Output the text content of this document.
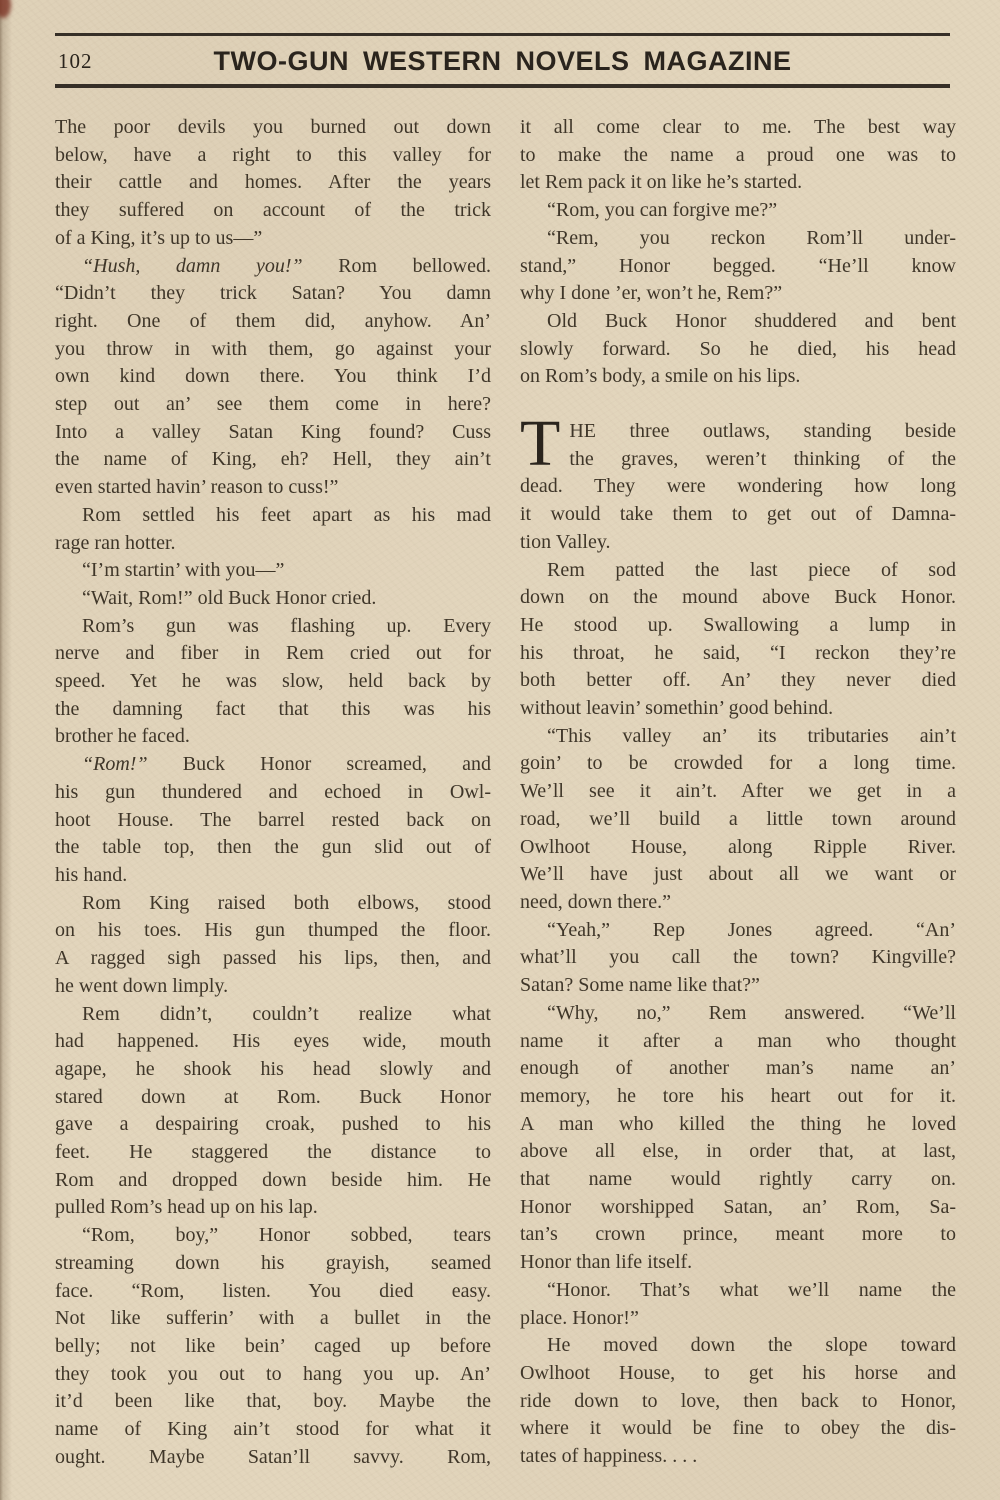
102	TWO-GUN WESTERN NOVELS MAGAZINE
The poor devils you burned out down
below, have a right to this valley for
their cattle and homes. After the years
they suffered on account of the trick
of a King, it’s up to us—”
“Hush, damn you!” Rom bellowed.
“Didn’t they trick Satan? You damn
right. One of them did, anyhow. An’
you throw in with them, go against your
own kind down there. You think I’d
step out an’ see them come in here?
Into a valley Satan King found? Cuss
the name of King, eh? Hell, they ain’t
even started havin’ reason to cuss!”
Rom settled his feet apart as his mad
rage ran hotter.
“I’m startin’ with you—”
“Wait, Rom!” old Buck Honor cried.
Rom’s gun was flashing up. Every
nerve and fiber in Rem cried out for
speed. Yet he was slow, held back by
the damning fact that this was his
brother he faced.
“Rom!” Buck Honor screamed, and
his gun thundered and echoed in Owl-
hoot House. The barrel rested back on
the table top, then the gun slid out of
his hand.
Rom King raised both elbows, stood
on his toes. His gun thumped the floor.
A ragged sigh passed his lips, then, and
he went down limply.
Rem didn’t, couldn’t realize what
had happened. His eyes wide, mouth
agape, he shook his head slowly and
stared down at Rom. Buck Honor
gave a despairing croak, pushed to his
feet. He staggered the distance to
Rom and dropped down beside him. He
pulled Rom’s head up on his lap.
“Rom, boy,” Honor sobbed, tears
streaming down his grayish, seamed
face. “Rom, listen. You died easy.
Not like sufferin’ with a bullet in the
belly; not like bein’ caged up before
they took you out to hang you up. An’
it’d been like that, boy. Maybe the
name of King ain’t stood for what it
ought. Maybe Satan’ll savvy. Rom,
it all come clear to me. The best way
to make the name a proud one was to
let Rem pack it on like he’s started.
“Rom, you can forgive me?”
“Rem, you reckon Rom’ll under-
stand,” Honor begged. “He’ll know
why I done ’er, won’t he, Rem?”
Old Buck Honor shuddered and bent
slowly forward. So he died, his head
on Rom’s body, a smile on his lips.
T HE three outlaws, standing beside
the graves, weren’t thinking of the
dead. They were wondering how long
it would take them to get out of Damna-
tion Valley.
Rem patted the last piece of sod
down on the mound above Buck Honor.
He stood up. Swallowing a lump in
his throat, he said, “I reckon they’re
both better off. An’ they never died
without leavin’ somethin’ good behind.
“This valley an’ its tributaries ain’t
goin’ to be crowded for a long time.
We’ll see it ain’t. After we get in a
road, we’ll build a little town around
Owlhoot House, along Ripple River.
We’ll have just about all we want or
need, down there.”
“Yeah,” Rep Jones agreed. “An’
what’ll you call the town? Kingville?
Satan? Some name like that?”
“Why, no,” Rem answered. “We’ll
name it after a man who thought
enough of another man’s name an’
memory, he tore his heart out for it.
A man who killed the thing he loved
above all else, in order that, at last,
that name would rightly carry on.
Honor worshipped Satan, an’ Rom, Sa-
tan’s crown prince, meant more to
Honor than life itself.
“Honor. That’s what we’ll name the
place. Honor!”
He moved down the slope toward
Owlhoot House, to get his horse and
ride down to love, then back to Honor,
where it would be fine to obey the dis-
tates of happiness. . . .
